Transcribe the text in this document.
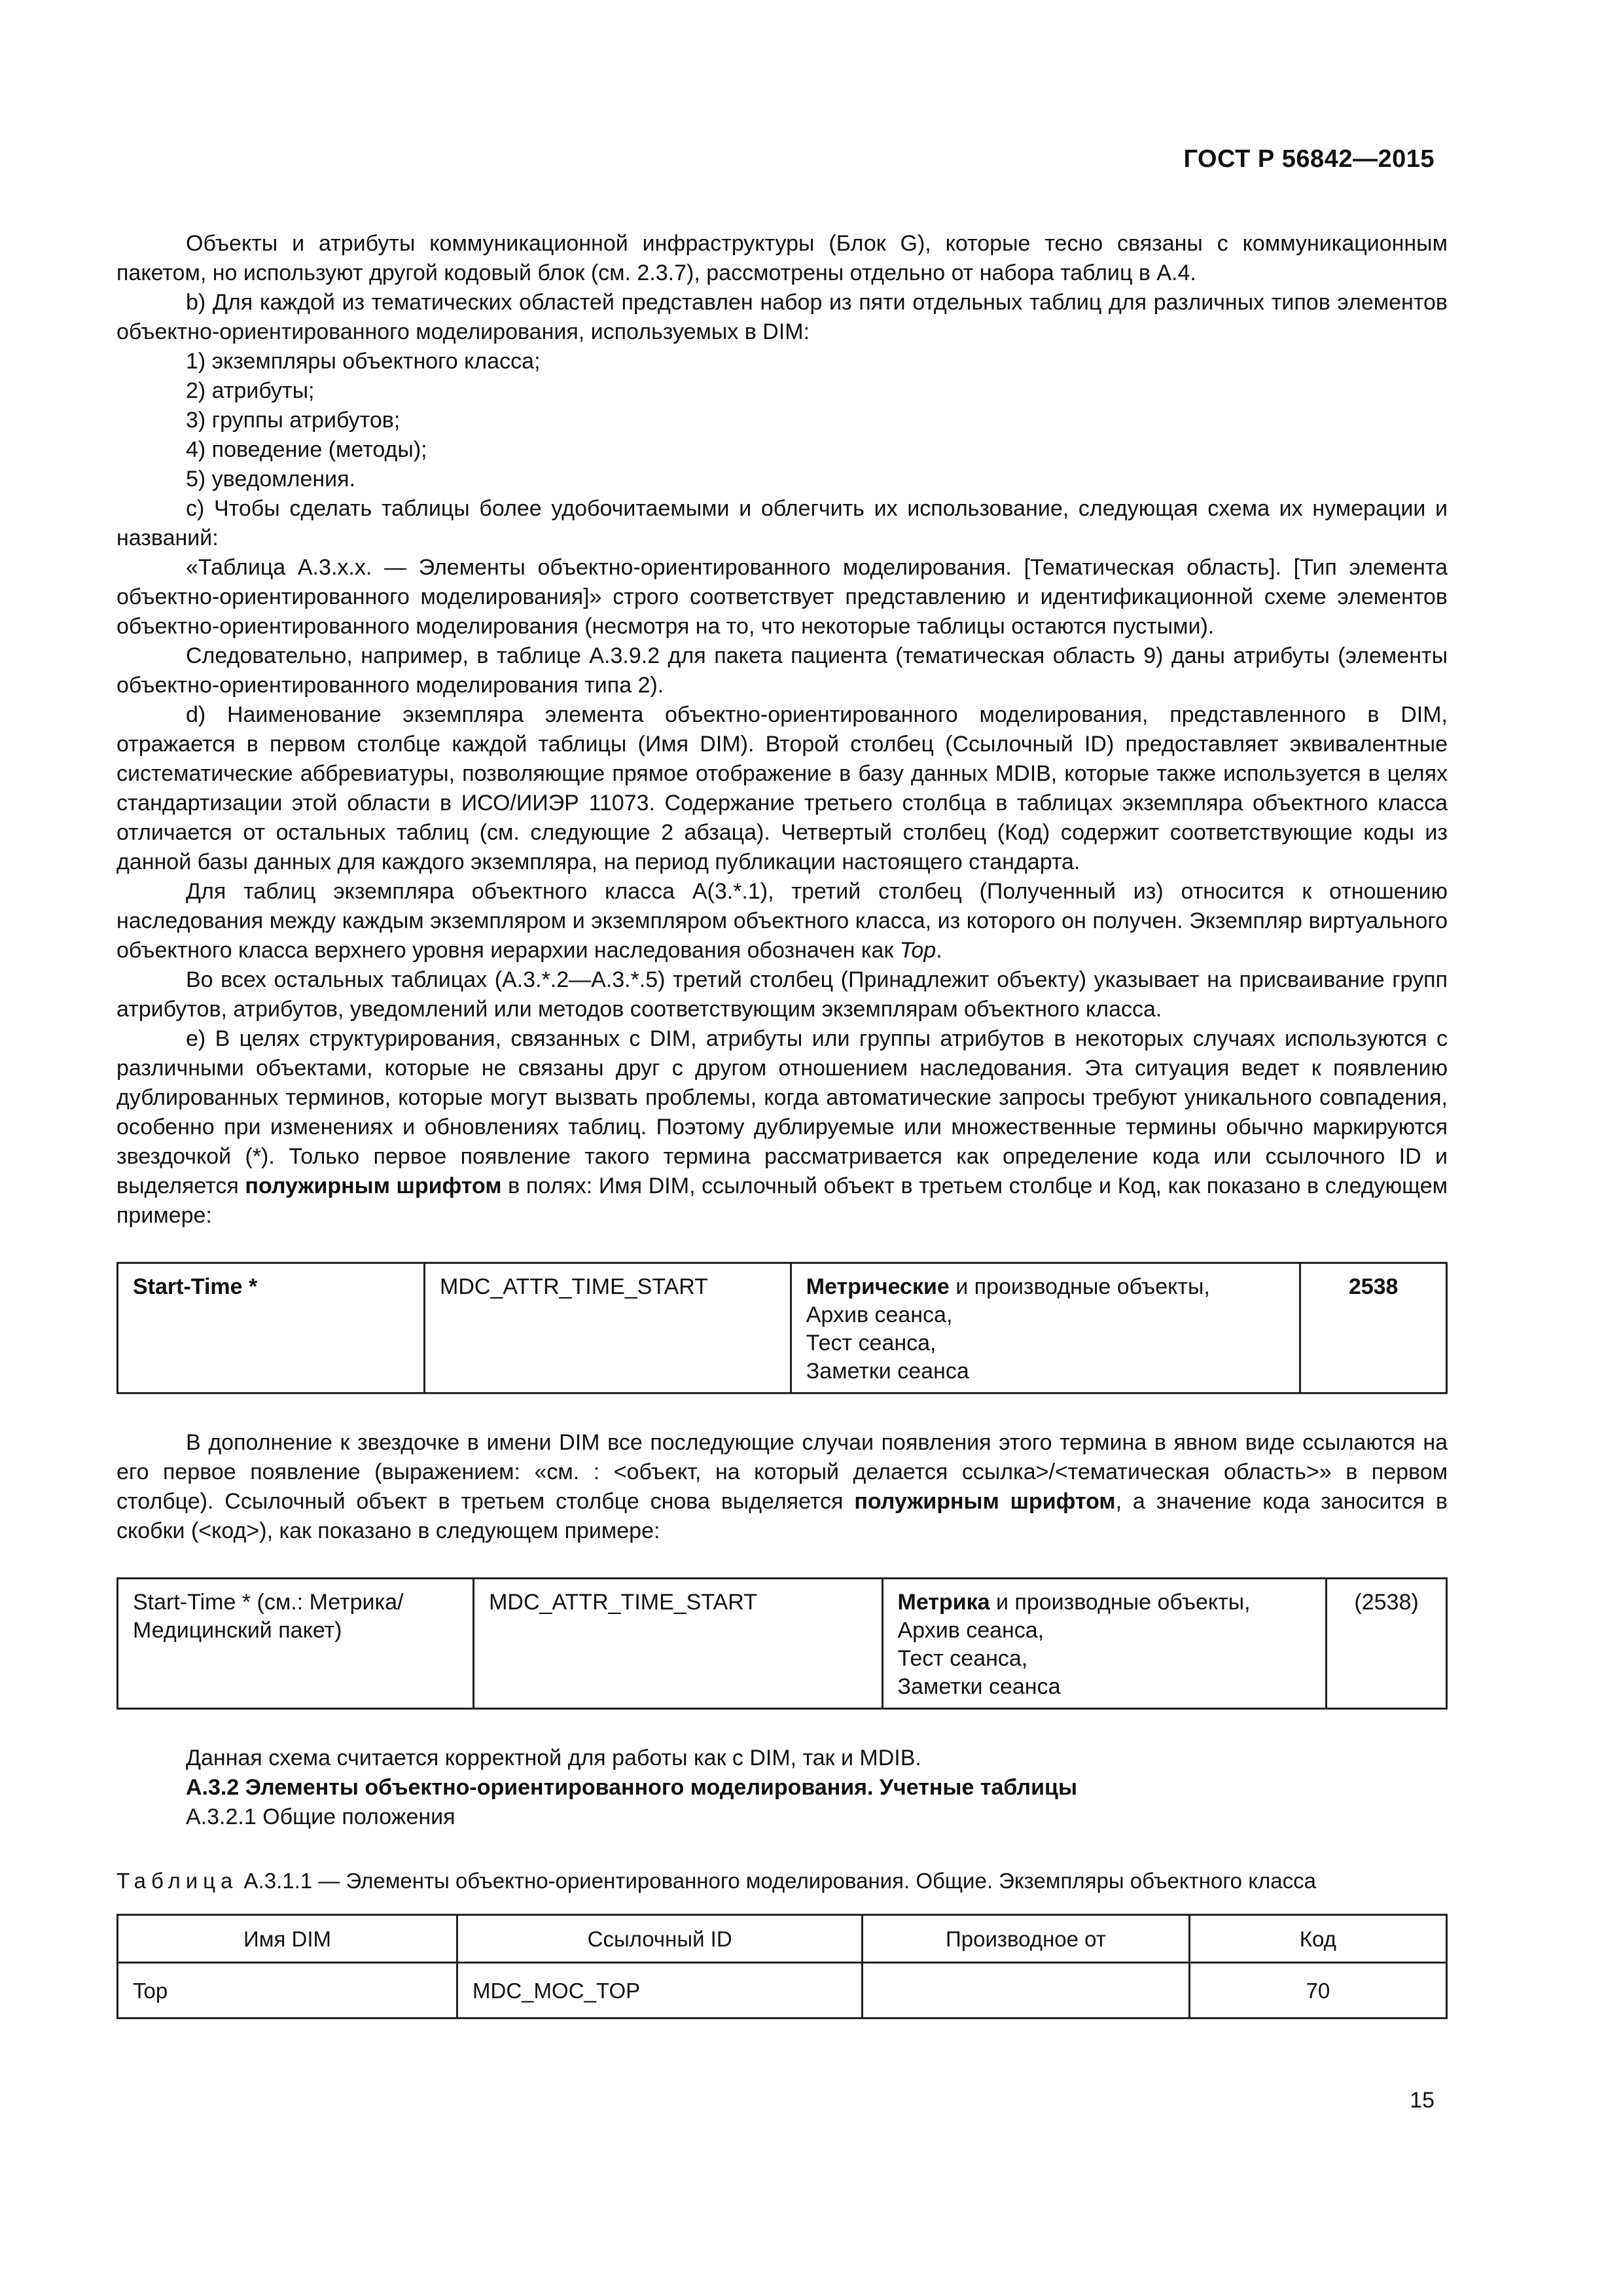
ГОСТ Р 56842—2015

Объекты и атрибуты коммуникационной инфраструктуры (Блок G), которые тесно связаны с коммуникационным пакетом, но используют другой кодовый блок (см. 2.3.7), рассмотрены отдельно от набора таблиц в А.4.

b) Для каждой из тематических областей представлен набор из пяти отдельных таблиц для различных типов элементов объектно-ориентированного моделирования, используемых в DIM:

1) экземпляры объектного класса;

2) атрибуты;

3) группы атрибутов;

4) поведение (методы);

5) уведомления.

с) Чтобы сделать таблицы более удобочитаемыми и облегчить их использование, следующая схема их нумерации и названий:

«Таблица А.3.х.х. — Элементы объектно-ориентированного моделирования. [Тематическая область]. [Тип элемента объектно-ориентированного моделирования]» строго соответствует представлению и идентификационной схеме элементов объектно-ориентированного моделирования (несмотря на то, что некоторые таблицы остаются пустыми).

Следовательно, например, в таблице А.3.9.2 для пакета пациента (тематическая область 9) даны атрибуты (элементы объектно-ориентированного моделирования типа 2).

d) Наименование экземпляра элемента объектно-ориентированного моделирования, представленного в DIM, отражается в первом столбце каждой таблицы (Имя DIM). Второй столбец (Ссылочный ID) предоставляет эквивалентные систематические аббревиатуры, позволяющие прямое отображение в базу данных MDIB, которые также используется в целях стандартизации этой области в ИСО/ИИЭР 11073. Содержание третьего столбца в таблицах экземпляра объектного класса отличается от остальных таблиц (см. следующие 2 абзаца). Четвертый столбец (Код) содержит соответствующие коды из данной базы данных для каждого экземпляра, на период публикации настоящего стандарта.

Для таблиц экземпляра объектного класса А(3.*.1), третий столбец (Полученный из) относится к отношению наследования между каждым экземпляром и экземпляром объектного класса, из которого он получен. Экземпляр виртуального объектного класса верхнего уровня иерархии наследования обозначен как Top.

Во всех остальных таблицах (А.3.*.2—А.3.*.5) третий столбец (Принадлежит объекту) указывает на присваивание групп атрибутов, атрибутов, уведомлений или методов соответствующим экземплярам объектного класса.

е) В целях структурирования, связанных с DIM, атрибуты или группы атрибутов в некоторых случаях используются с различными объектами, которые не связаны друг с другом отношением наследования. Эта ситуация ведет к появлению дублированных терминов, которые могут вызвать проблемы, когда автоматические запросы требуют уникального совпадения, особенно при изменениях и обновлениях таблиц. Поэтому дублируемые или множественные термины обычно маркируются звездочкой (*). Только первое появление такого термина рассматривается как определение кода или ссылочного ID и выделяется полужирным шрифтом в полях: Имя DIM, ссылочный объект в третьем столбце и Код, как показано в следующем примере:

Start-Time *	MDC_ATTR_TIME_START	Метрические и производные объекты,
Архив сеанса,
Тест сеанса,
Заметки сеанса	2538

В дополнение к звездочке в имени DIM все последующие случаи появления этого термина в явном виде ссылаются на его первое появление (выражением: «см. : <объект, на который делается ссылка>/<тематическая область>» в первом столбце). Ссылочный объект в третьем столбце снова выделяется полужирным шрифтом, а значение кода заносится в скобки (<код>), как показано в следующем примере:

Start-Time * (см.: Метрика/ Медицинский пакет)	MDC_ATTR_TIME_START	Метрика и производные объекты,
Архив сеанса,
Тест сеанса,
Заметки сеанса	(2538)

Данная схема считается корректной для работы как с DIM, так и MDIB.

А.3.2 Элементы объектно-ориентированного моделирования. Учетные таблицы

А.3.2.1 Общие положения

Таблица А.3.1.1 — Элементы объектно-ориентированного моделирования. Общие. Экземпляры объектного класса

Имя DIM	Ссылочный ID	Производное от	Код
Top	MDC_MOC_TOP		70
15
